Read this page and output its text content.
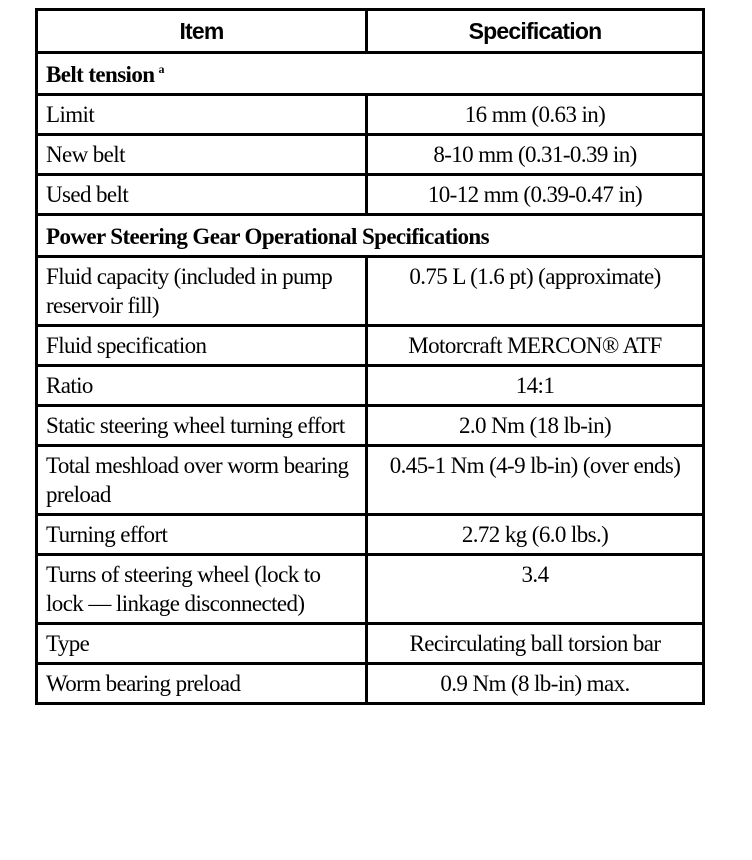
Item	Specification
Belt tension $^a$
Limit	16 mm (0.63 in)
New belt	8-10 mm (0.31-0.39 in)
Used belt	10-12 mm (0.39-0.47 in)
Power Steering Gear Operational Specifications	
Fluid capacity (included in pump reservoir fill)	0.75 L (1.6 pt) (approximate)
Fluid specification	Motorcraft MERCON® ATF
Ratio	14:1
Static steering wheel turning effort	2.0 Nm (18 lb-in)
Total meshload over worm bearing preload	0.45-1 Nm (4-9 lb-in) (over ends)
Turning effort	2.72 kg (6.0 lbs.)
Turns of steering wheel (lock to lock — linkage disconnected)	3.4
Type	Recirculating ball torsion bar
Worm bearing preload	0.9 Nm (8 lb-in) max.
